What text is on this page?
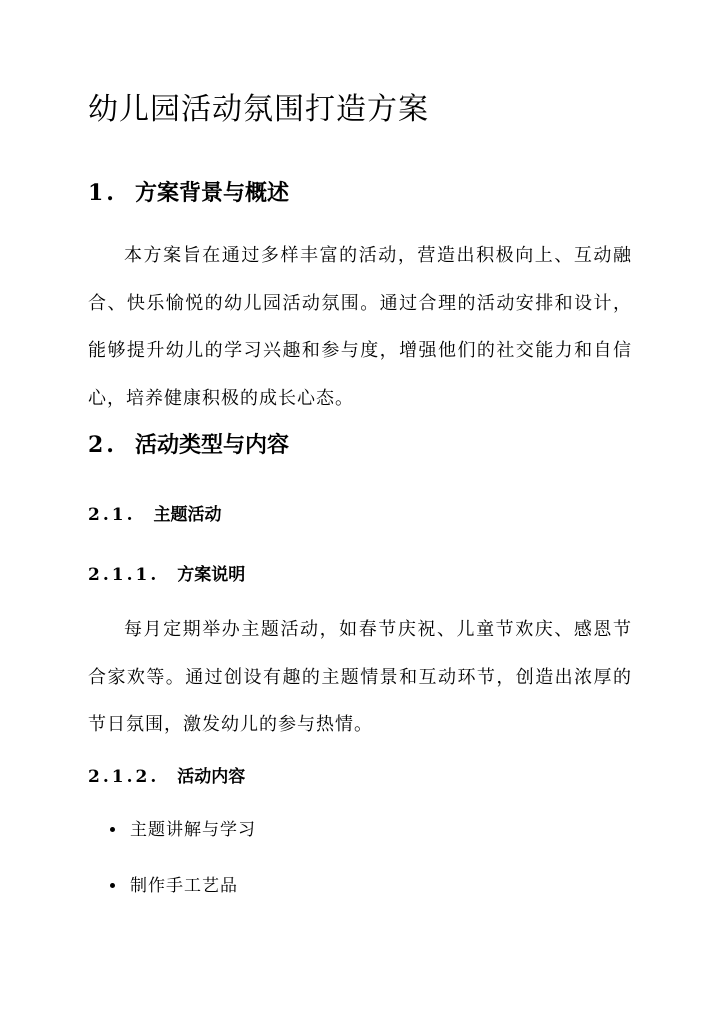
幼儿园活动氛围打造方案
1. 方案背景与概述

本方案旨在通过多样丰富的活动，营造出积极向上、互动融合、快乐愉悦的幼儿园活动氛围。通过合理的活动安排和设计，能够提升幼儿的学习兴趣和参与度，增强他们的社交能力和自信心，培养健康积极的成长心态。

2. 活动类型与内容
2.1. 主题活动
2.1.1. 方案说明

每月定期举办主题活动，如春节庆祝、儿童节欢庆、感恩节合家欢等。通过创设有趣的主题情景和互动环节，创造出浓厚的节日氛围，激发幼儿的参与热情。

2.1.2. 活动内容
主题讲解与学习
制作手工艺品
